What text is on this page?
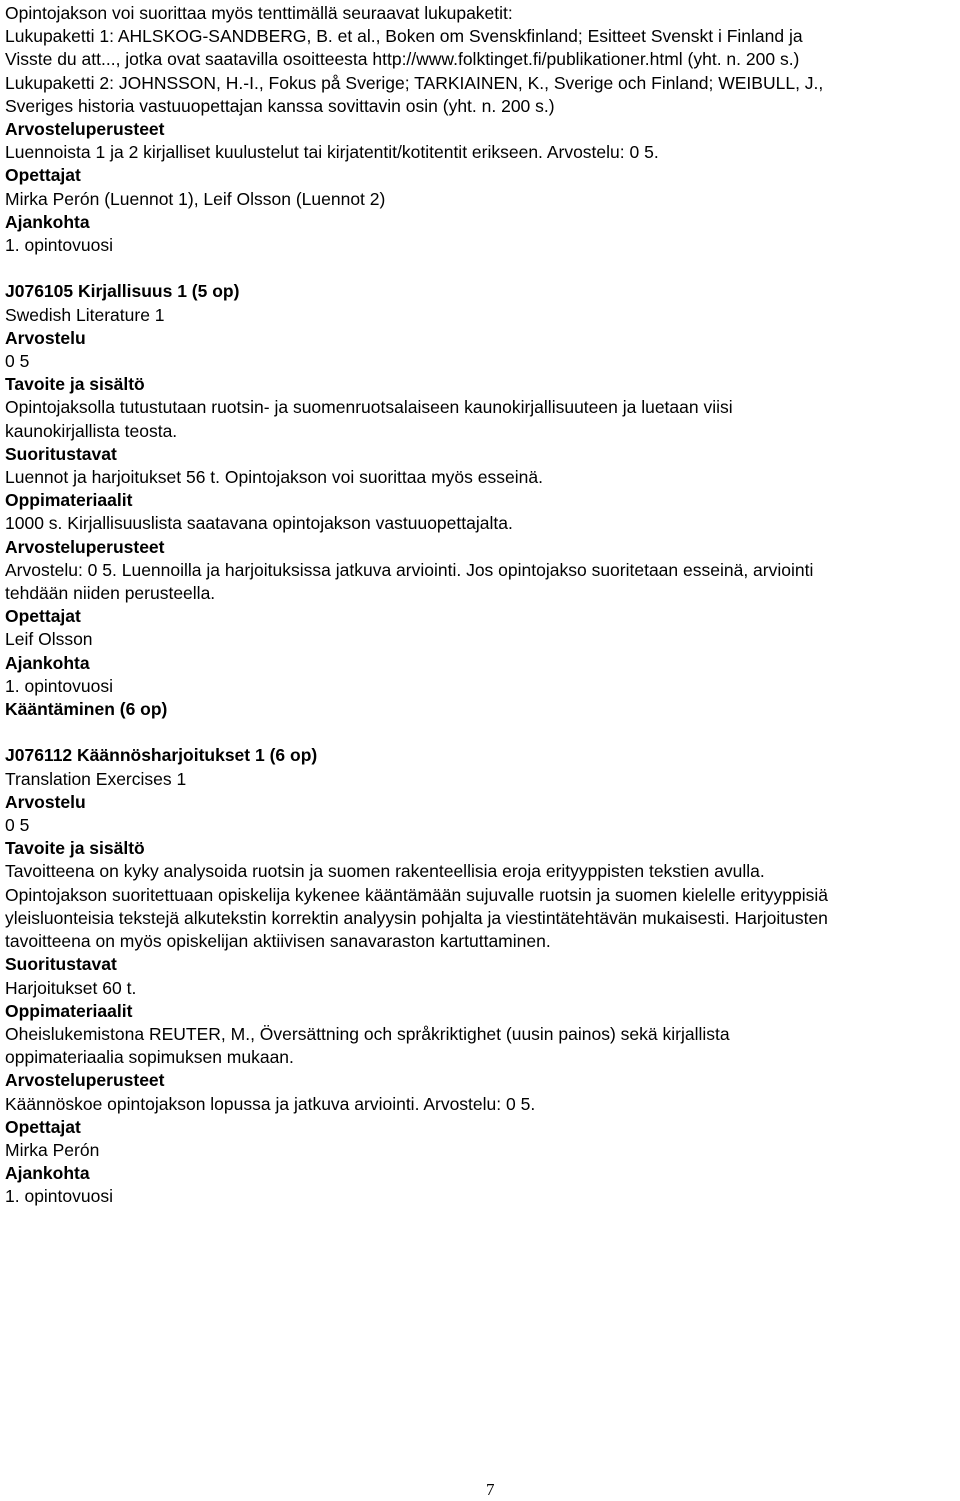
Opintojakson voi suorittaa myös tenttimällä seuraavat lukupaketit:
Lukupaketti 1: AHLSKOG-SANDBERG, B. et al., Boken om Svenskfinland; Esitteet Svenskt i Finland ja
Visste du att..., jotka ovat saatavilla osoitteesta http://www.folktinget.fi/publikationer.html (yht. n. 200 s.)
Lukupaketti 2: JOHNSSON, H.-I., Fokus på Sverige; TARKIAINEN, K., Sverige och Finland; WEIBULL, J.,
Sveriges historia vastuuopettajan kanssa sovittavin osin (yht. n. 200 s.)
Arvosteluperusteet
Luennoista 1 ja 2 kirjalliset kuulustelut tai kirjatentit/kotitentit erikseen. Arvostelu: 0 5.
Opettajat
Mirka Perón (Luennot 1), Leif Olsson (Luennot 2)
Ajankohta
1. opintovuosi
J076105 Kirjallisuus 1 (5 op)
Swedish Literature 1
Arvostelu
0 5
Tavoite ja sisältö
Opintojaksolla tutustutaan ruotsin- ja suomenruotsalaiseen kaunokirjallisuuteen ja luetaan viisi
kaunokirjallista teosta.
Suoritustavat
Luennot ja harjoitukset 56 t. Opintojakson voi suorittaa myös esseinä.
Oppimateriaalit
1000 s. Kirjallisuuslista saatavana opintojakson vastuuopettajalta.
Arvosteluperusteet
Arvostelu: 0 5. Luennoilla ja harjoituksissa jatkuva arviointi. Jos opintojakso suoritetaan esseinä, arviointi
tehdään niiden perusteella.
Opettajat
Leif Olsson
Ajankohta
1. opintovuosi
Kääntäminen (6 op)
J076112 Käännösharjoitukset 1 (6 op)
Translation Exercises 1
Arvostelu
0 5
Tavoite ja sisältö
Tavoitteena on kyky analysoida ruotsin ja suomen rakenteellisia eroja erityyppisten tekstien avulla.
Opintojakson suoritettuaan opiskelija kykenee kääntämään sujuvalle ruotsin ja suomen kielelle erityyppisiä
yleisluonteisia tekstejä alkutekstin korrektin analyysin pohjalta ja viestintätehtävän mukaisesti. Harjoitusten
tavoitteena on myös opiskelijan aktiivisen sanavaraston kartuttaminen.
Suoritustavat
Harjoitukset 60 t.
Oppimateriaalit
Oheislukemistona REUTER, M., Översättning och språkriktighet (uusin painos) sekä kirjallista
oppimateriaalia sopimuksen mukaan.
Arvosteluperusteet
Käännöskoe opintojakson lopussa ja jatkuva arviointi. Arvostelu: 0 5.
Opettajat
Mirka Perón
Ajankohta
1. opintovuosi
7
